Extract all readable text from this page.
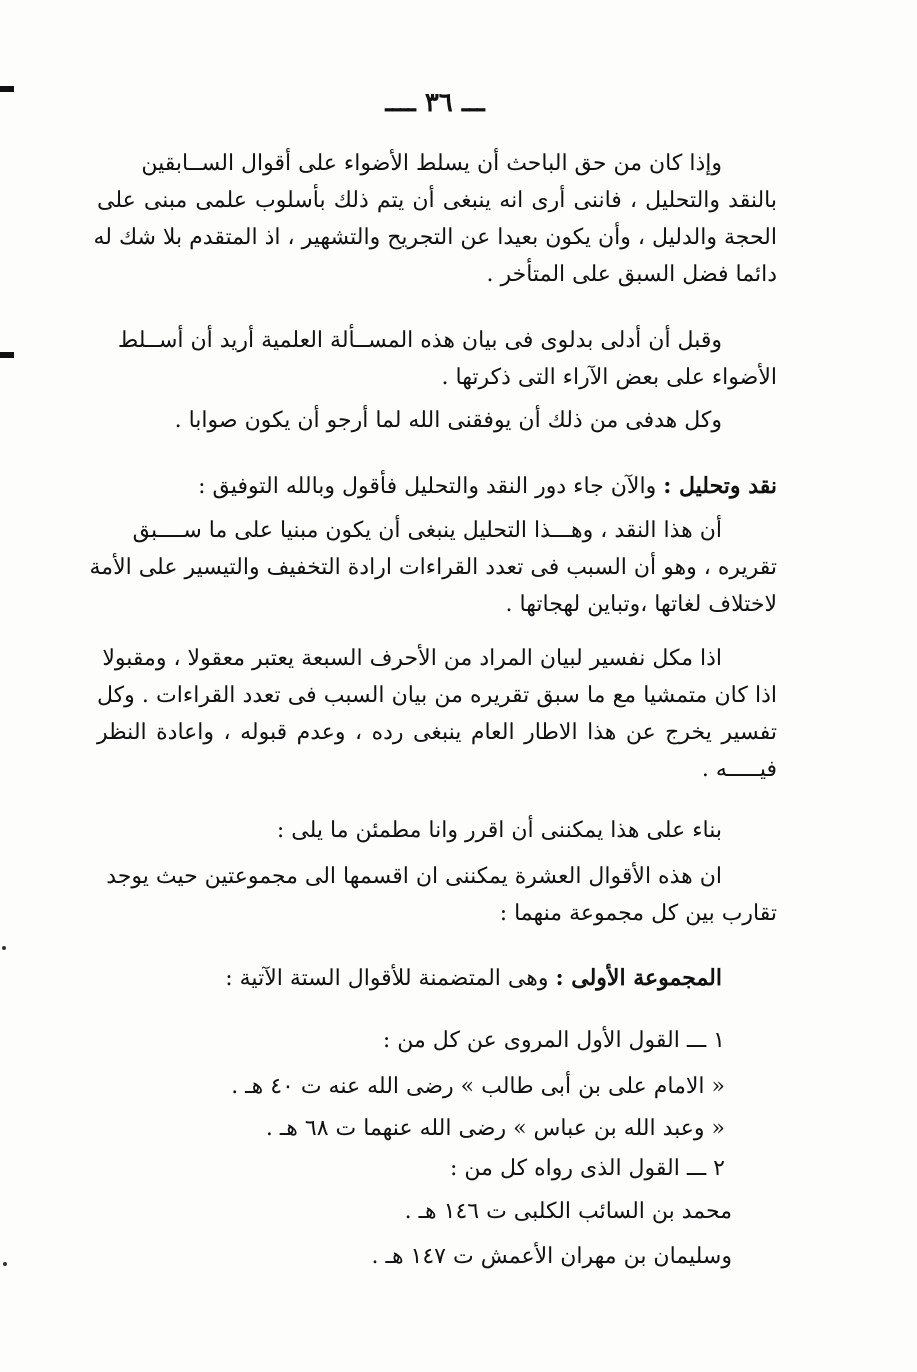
ـــ ٣٦ ــــ
وإذا كان من حق الباحث أن يسلط الأضواء على أقوال الســابقين
بالنقد والتحليل ، فاننى أرى انه ينبغى أن يتم ذلك بأسلوب علمى مبنى على
الحجة والدليل ، وأن يكون بعيدا عن التجريح والتشهير ، اذ المتقدم بلا شك له
دائما فضل السبق على المتأخر .
وقبل أن أدلى بدلوى فى بيان هذه المســألة العلمية أريد أن أســلط
الأضواء على بعض الآراء التى ذكرتها .
وكل هدفى من ذلك أن يوفقنى الله لما أرجو أن يكون صوابا .
نقد وتحليل : والآن جاء دور النقد والتحليل فأقول وبالله التوفيق :
أن هذا النقد ، وهـــذا التحليل ينبغى أن يكون مبنيا على ما ســــبق
تقريره ، وهو أن السبب فى تعدد القراءات ارادة التخفيف والتيسير على الأمة
لاختلاف لغاتها ،وتباين لهجاتها .
اذا مكل نفسير لبيان المراد من الأحرف السبعة يعتبر معقولا ، ومقبولا
اذا كان متمشيا مع ما سبق تقريره من بيان السبب فى تعدد القراءات . وكل
تفسير يخرج عن هذا الاطار العام ينبغى رده ، وعدم قبوله ، واعادة النظر
فيـــــه .
بناء على هذا يمكننى أن اقرر وانا مطمئن ما يلى :
ان هذه الأقوال العشرة يمكننى ان اقسمها الى مجموعتين حيث يوجد
تقارب بين كل مجموعة منهما :
المجموعة الأولى : وهى المتضمنة للأقوال الستة الآتية :
١ ـــ القول الأول المروى عن كل من :
« الامام على بن أبى طالب » رضى الله عنه ت ٤٠ هـ .
« وعبد الله بن عباس » رضى الله عنهما ت ٦٨ هـ .
٢ ـــ القول الذى رواه كل من :
محمد بن السائب الكلبى ت ١٤٦ هـ .
وسليمان بن مهران الأعمش ت ١٤٧ هـ .
